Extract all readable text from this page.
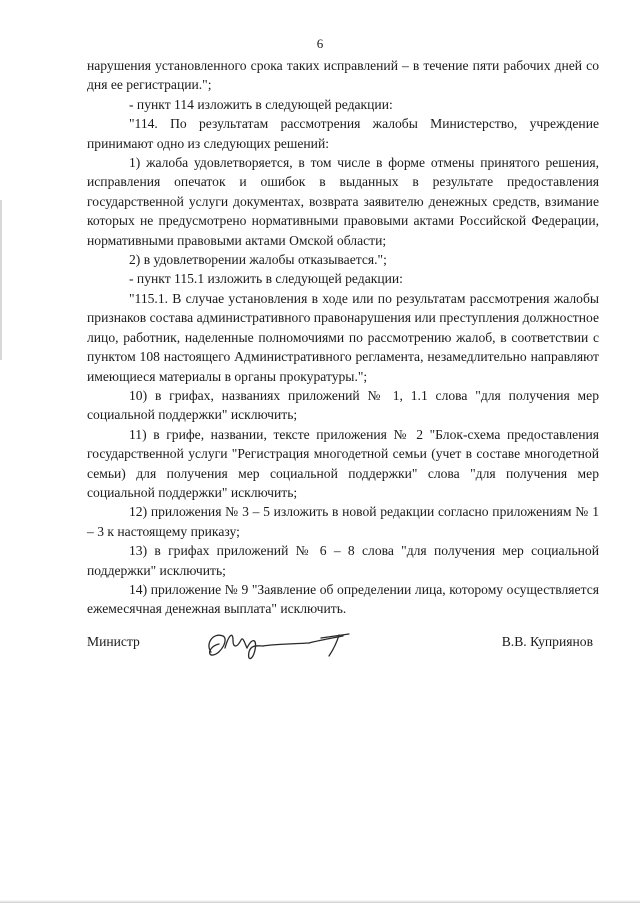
6

нарушения установленного срока таких исправлений – в течение пяти рабочих дней со дня ее регистрации.";

- пункт 114 изложить в следующей редакции:

"114. По результатам рассмотрения жалобы Министерство, учреждение принимают одно из следующих решений:

1) жалоба удовлетворяется, в том числе в форме отмены принятого решения, исправления опечаток и ошибок в выданных в результате предоставления государственной услуги документах, возврата заявителю денежных средств, взимание которых не предусмотрено нормативными правовыми актами Российской Федерации, нормативными правовыми актами Омской области;

2) в удовлетворении жалобы отказывается.";

- пункт 115.1 изложить в следующей редакции:

"115.1. В случае установления в ходе или по результатам рассмотрения жалобы признаков состава административного правонарушения или преступления должностное лицо, работник, наделенные полномочиями по рассмотрению жалоб, в соответствии с пунктом 108 настоящего Административного регламента, незамедлительно направляют имеющиеся материалы в органы прокуратуры.";

10) в грифах, названиях приложений № 1, 1.1 слова "для получения мер социальной поддержки" исключить;

11) в грифе, названии, тексте приложения № 2 "Блок-схема предоставления государственной услуги "Регистрация многодетной семьи (учет в составе многодетной семьи) для получения мер социальной поддержки" слова "для получения мер социальной поддержки" исключить;

12) приложения № 3 – 5 изложить в новой редакции согласно приложениям № 1 – 3 к настоящему приказу;

13) в грифах приложений № 6 – 8 слова "для получения мер социальной поддержки" исключить;

14) приложение № 9 "Заявление об определении лица, которому осуществляется ежемесячная денежная выплата" исключить.

Министр	В.В. Куприянов
